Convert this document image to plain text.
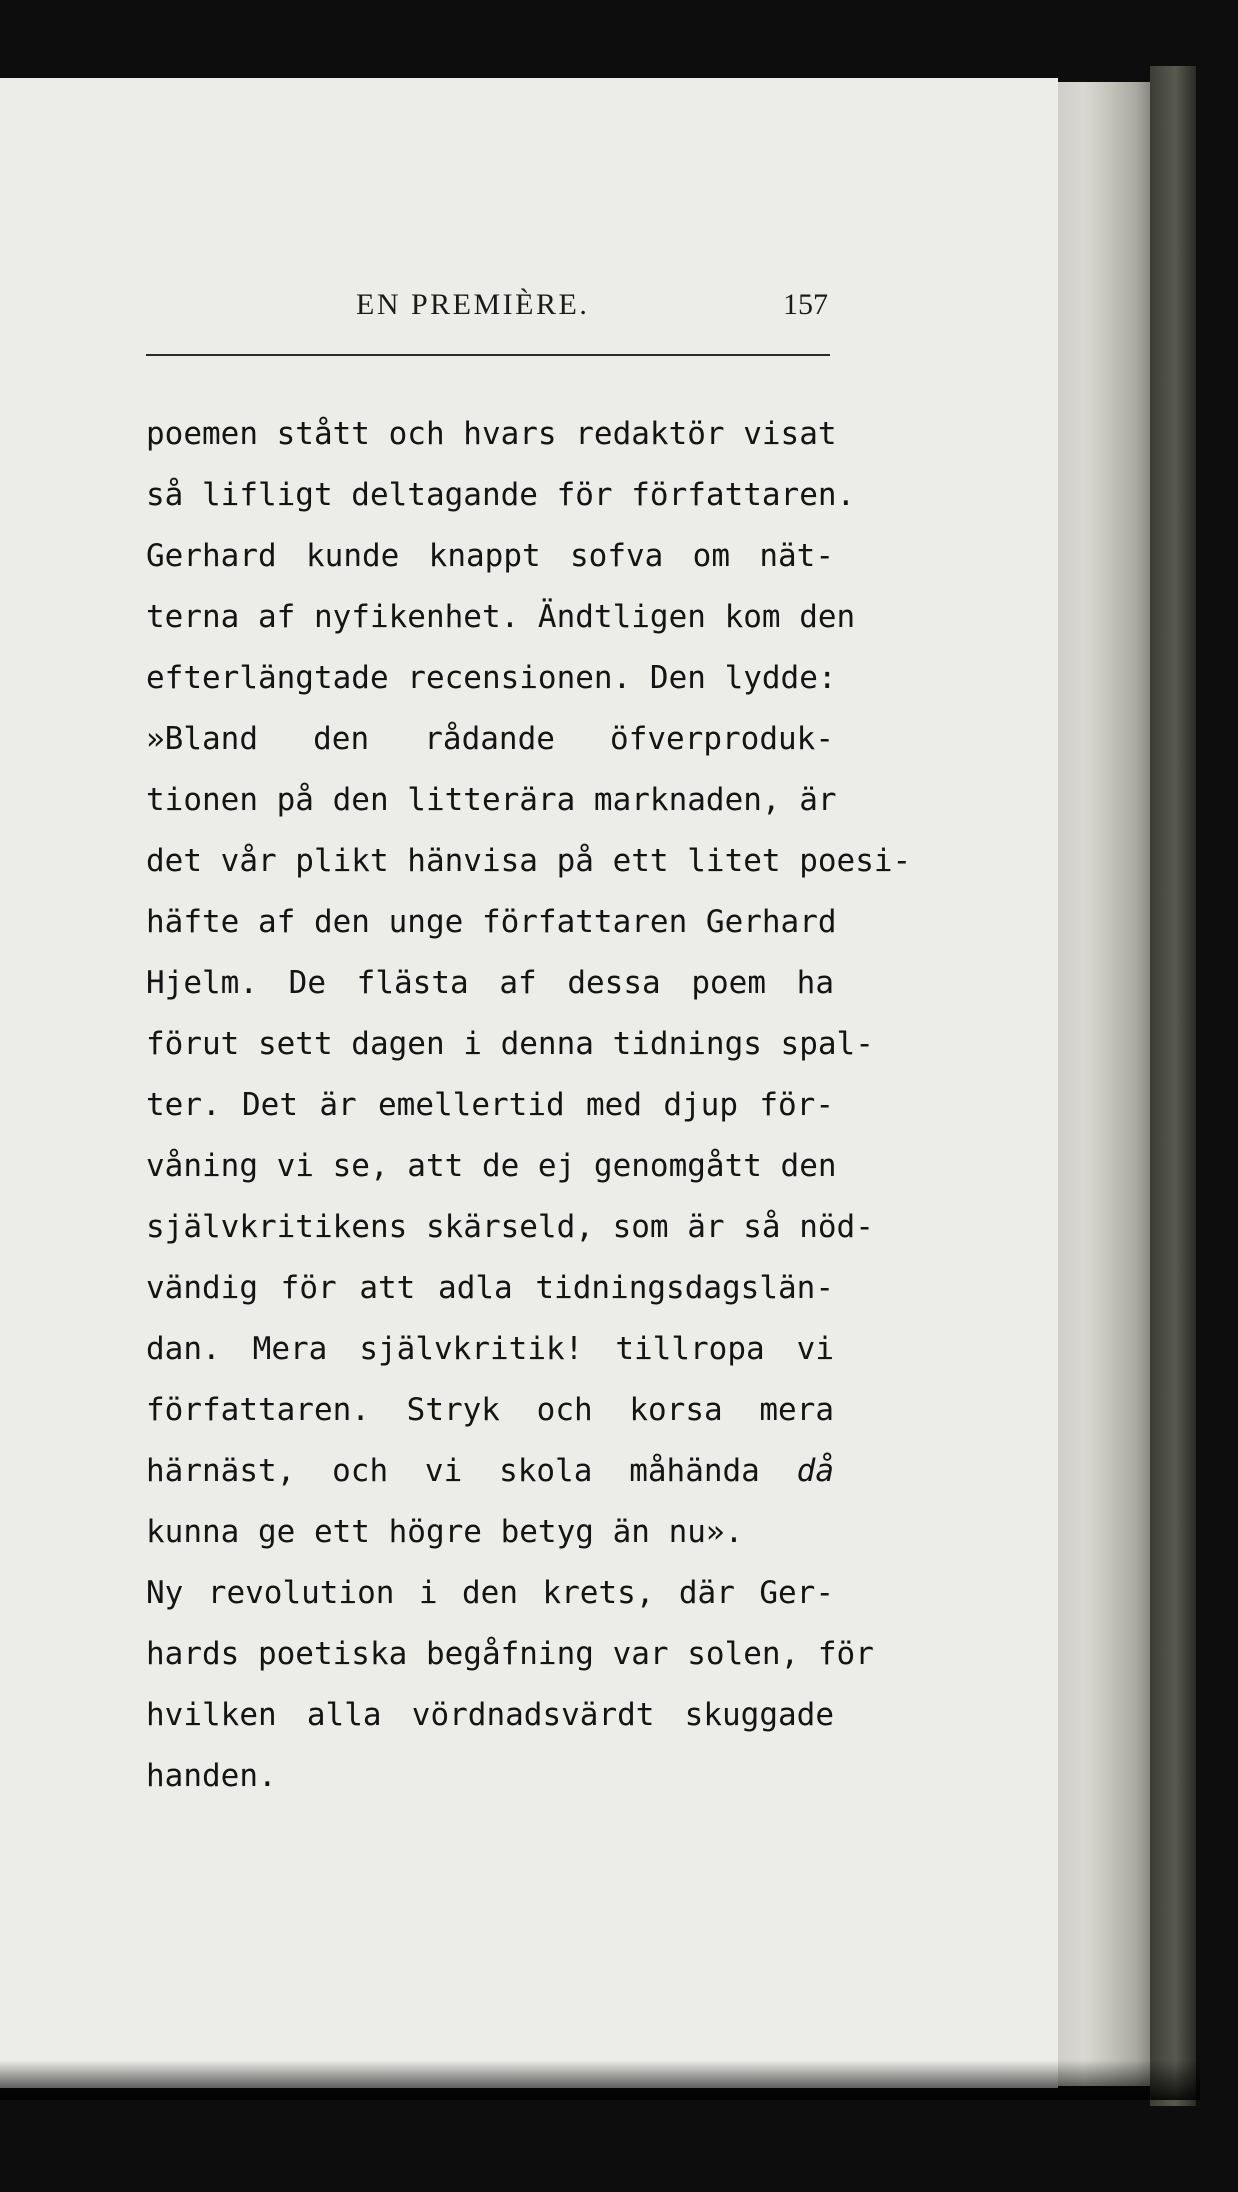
EN PREMIÈRE.	157
poemen stått och hvars redaktör visat
så lifligt deltagande för författaren.
Gerhard kunde knappt sofva om nät-
terna af nyfikenhet. Ändtligen kom den
efterlängtade recensionen. Den lydde:
»Bland den rådande öfverproduk-
tionen på den litterära marknaden, är
det vår plikt hänvisa på ett litet poesi-
häfte af den unge författaren Gerhard
Hjelm. De flästa af dessa poem ha
förut sett dagen i denna tidnings spal-
ter. Det är emellertid med djup för-
våning vi se, att de ej genomgått den
självkritikens skärseld, som är så nöd-
vändig för att adla tidningsdagslän-
dan. Mera självkritik! tillropa vi
författaren. Stryk och korsa mera
härnäst, och vi skola måhända då
kunna ge ett högre betyg än nu».
Ny revolution i den krets, där Ger-
hards poetiska begåfning var solen, för
hvilken alla vördnadsvärdt skuggade
handen.
